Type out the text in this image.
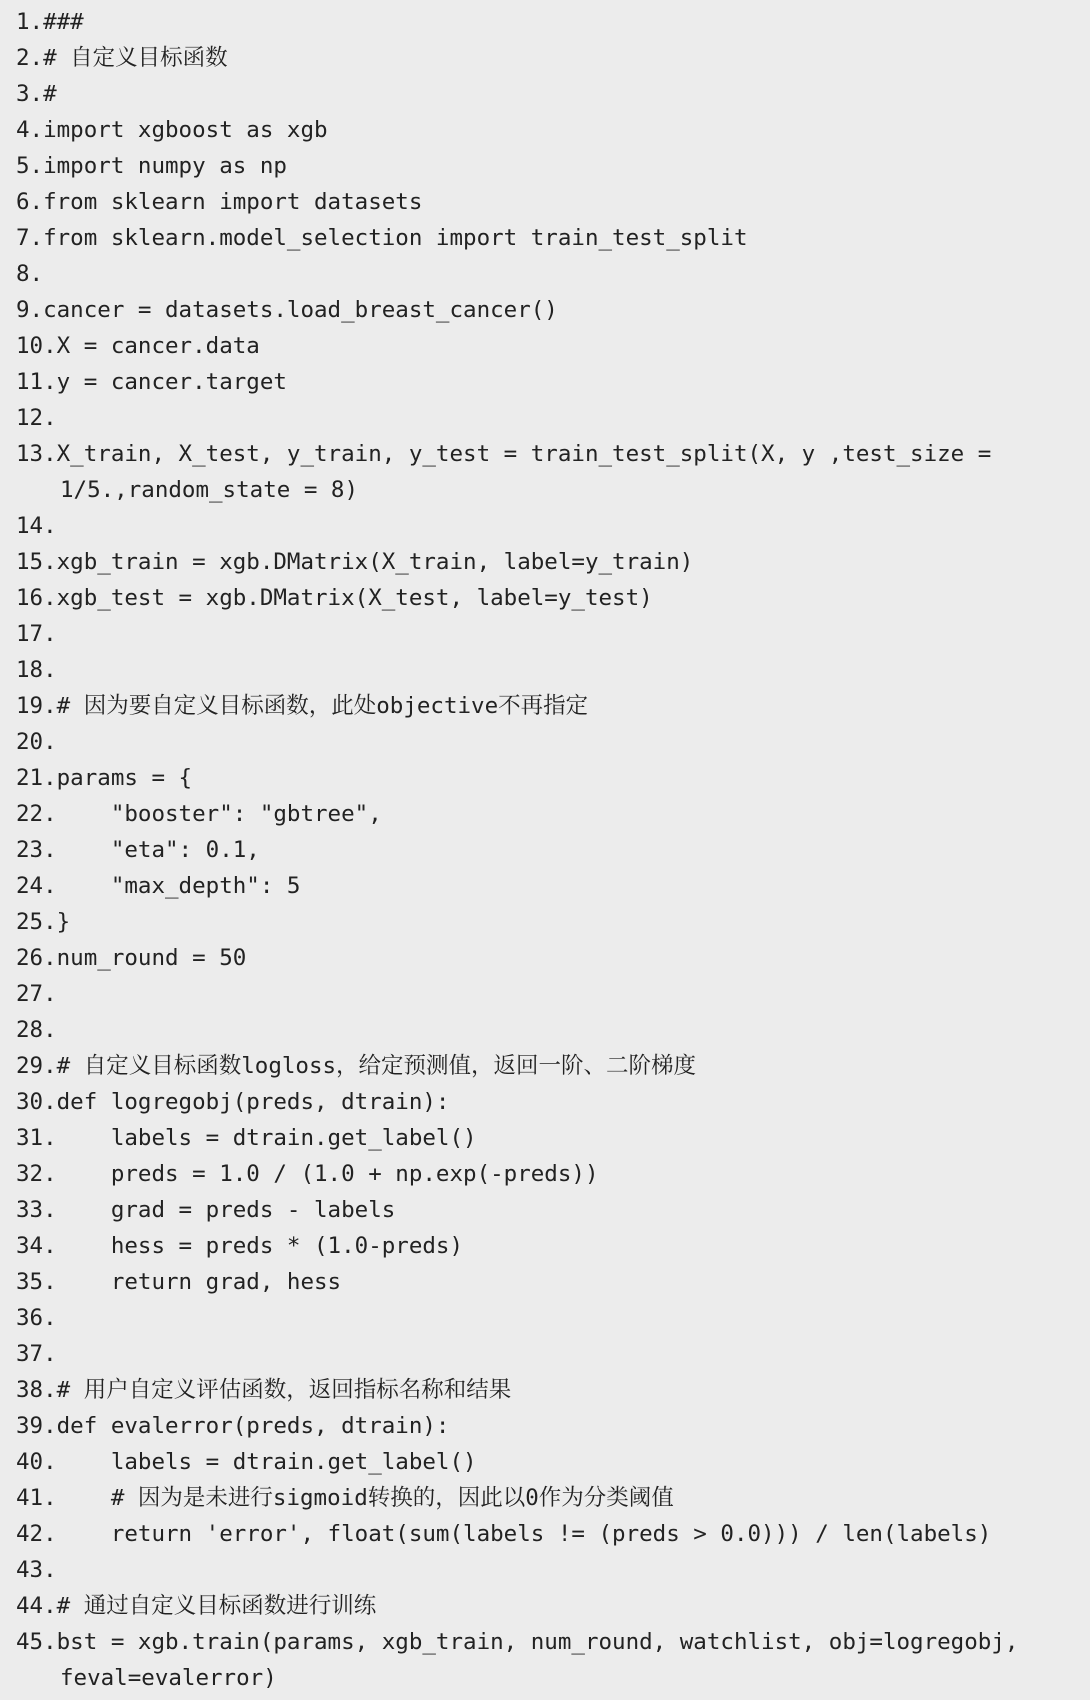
1.###
2.# 自定义目标函数
3.#
4.import xgboost as xgb
5.import numpy as np
6.from sklearn import datasets
7.from sklearn.model_selection import train_test_split
8.
9.cancer = datasets.load_breast_cancer()
10.X = cancer.data
11.y = cancer.target
12.
13.X_train, X_test, y_train, y_test = train_test_split(X, y ,test_size = 1/5.,random_state = 8)
14.
15.xgb_train = xgb.DMatrix(X_train, label=y_train)
16.xgb_test = xgb.DMatrix(X_test, label=y_test)
17.
18.
19.# 因为要自定义目标函数，此处objective不再指定
20.
21.params = {
22.    "booster": "gbtree",
23.    "eta": 0.1,
24.    "max_depth": 5
25.}
26.num_round = 50
27.
28.
29.# 自定义目标函数logloss，给定预测值，返回一阶、二阶梯度
30.def logregobj(preds, dtrain):
31.    labels = dtrain.get_label()
32.    preds = 1.0 / (1.0 + np.exp(-preds))
33.    grad = preds - labels
34.    hess = preds * (1.0-preds)
35.    return grad, hess
36.
37.
38.# 用户自定义评估函数，返回指标名称和结果
39.def evalerror(preds, dtrain):
40.    labels = dtrain.get_label()
41.    # 因为是未进行sigmoid转换的，因此以0作为分类阈值
42.    return 'error', float(sum(labels != (preds > 0.0))) / len(labels)
43.
44.# 通过自定义目标函数进行训练
45.bst = xgb.train(params, xgb_train, num_round, watchlist, obj=logregobj, feval=evalerror)
